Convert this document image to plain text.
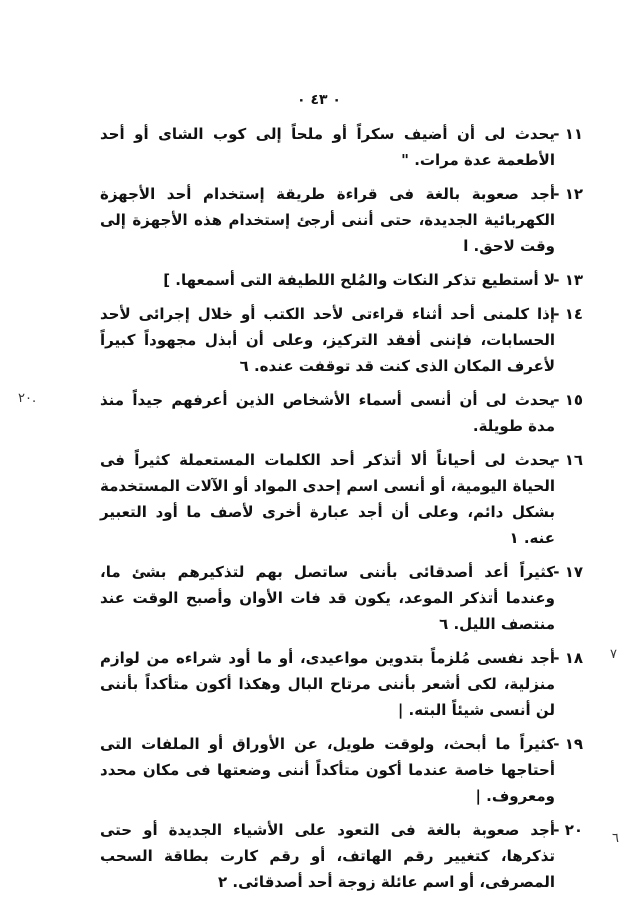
٠ ٤٣ ٠
١١ -
يحدث لى أن أضيف سكراً أو ملحاً إلى كوب الشاى أو أحد الأطعمة عدة مرات. "
١٢ -
أجد صعوبة بالغة فى قراءة طريقة إستخدام أحد الأجهزة الكهربائية الجديدة، حتى أننى أرجئ إستخدام هذه الأجهزة إلى وقت لاحق. ا
١٣ -
لا أستطيع تذكر النكات والمُلح اللطيفة التى أسمعها. ]
١٤ -
إذا كلمنى أحد أثناء قراءتى لأحد الكتب أو خلال إجرائى لأحد الحسابات، فإننى أفقد التركيز، وعلى أن أبذل مجهوداً كبيراً لأعرف المكان الذى كنت قد توقفت عنده. ٦
١٥ -
يحدث لى أن أنسى أسماء الأشخاص الذين أعرفهم جيداً منذ مدة طويلة.
٢٠.
١٦ -
يحدث لى أحياناً ألا أتذكر أحد الكلمات المستعملة كثيراً فى الحياة اليومية، أو أنسى اسم إحدى المواد أو الآلات المستخدمة بشكل دائم، وعلى أن أجد عبارة أخرى لأصف ما أود التعبير عنه. ١
١٧ -
كثيراً أعد أصدقائى بأننى ساتصل بهم لتذكيرهم بشئ ما، وعندما أتذكر الموعد، يكون قد فات الأوان وأصبح الوقت عند منتصف الليل. ٦
١٨ -
أجد نفسى مُلزماً بتدوين مواعيدى، أو ما أود شراءه من لوازم منزلية، لكى أشعر بأننى مرتاح البال وهكذا أكون متأكداً بأننى لن أنسى شيئاً البته. |
٧
١٩ -
كثيراً ما أبحث، ولوقت طويل، عن الأوراق أو الملفات التى أحتاجها خاصة عندما أكون متأكداً أننى وضعتها فى مكان محدد ومعروف. |
٢٠ -
أجد صعوبة بالغة فى التعود على الأشياء الجديدة أو حتى تذكرها، كتغيير رقم الهاتف، أو رقم كارت بطاقة السحب المصرفى، أو اسم عائلة زوجة أحد أصدقائى. ٢
٦
